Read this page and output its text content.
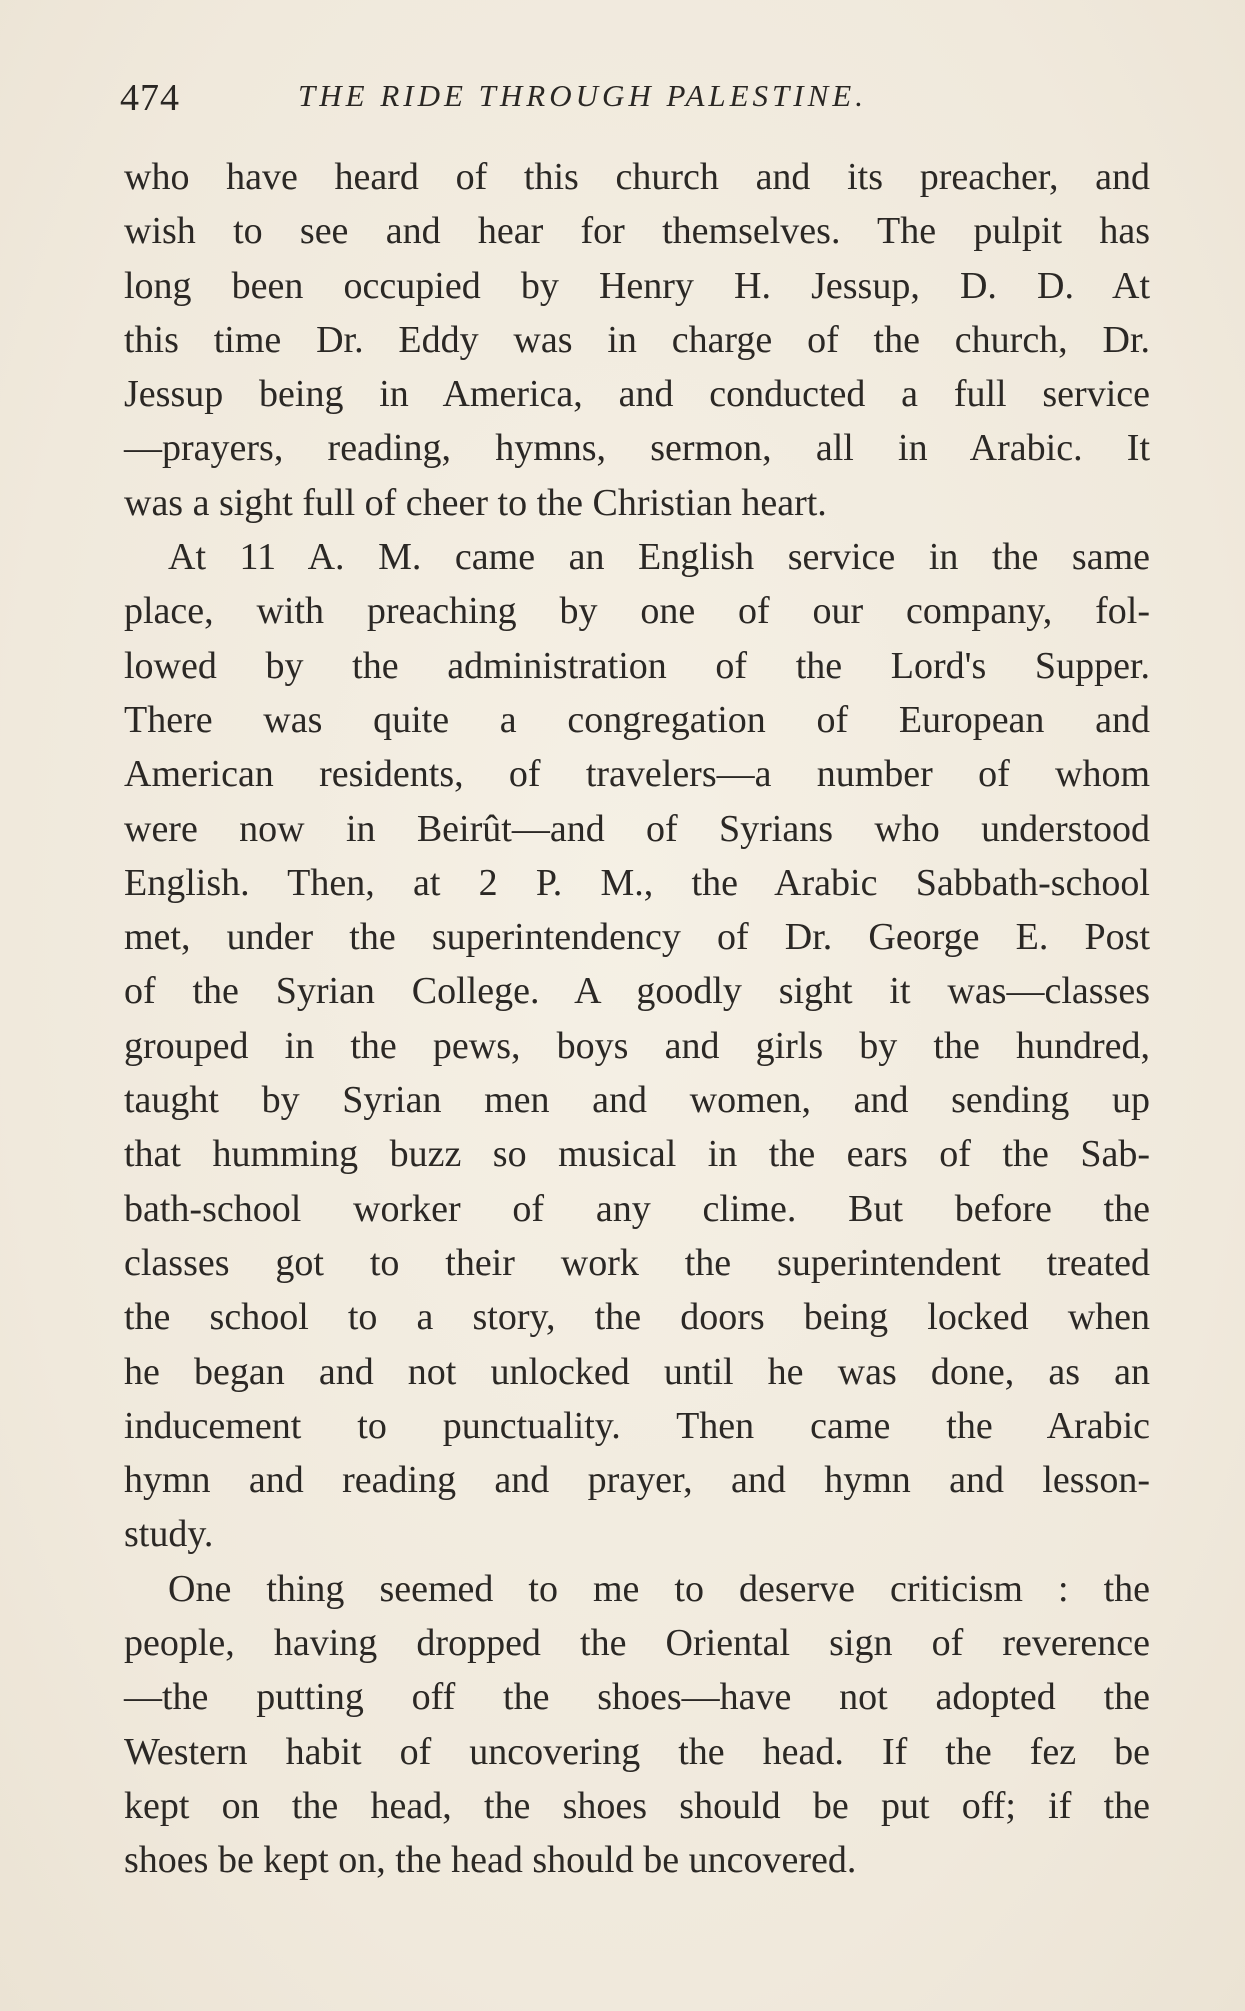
474	THE RIDE THROUGH PALESTINE.
who have heard of this church and its preacher, and
wish to see and hear for themselves. The pulpit has
long been occupied by Henry H. Jessup, D. D. At
this time Dr. Eddy was in charge of the church, Dr.
Jessup being in America, and conducted a full service
—prayers, reading, hymns, sermon, all in Arabic. It
was a sight full of cheer to the Christian heart.
At 11 A. M. came an English service in the same
place, with preaching by one of our company, fol-
lowed by the administration of the Lord's Supper.
There was quite a congregation of European and
American residents, of travelers—a number of whom
were now in Beirût—and of Syrians who understood
English. Then, at 2 P. M., the Arabic Sabbath-school
met, under the superintendency of Dr. George E. Post
of the Syrian College. A goodly sight it was—classes
grouped in the pews, boys and girls by the hundred,
taught by Syrian men and women, and sending up
that humming buzz so musical in the ears of the Sab-
bath-school worker of any clime. But before the
classes got to their work the superintendent treated
the school to a story, the doors being locked when
he began and not unlocked until he was done, as an
inducement to punctuality. Then came the Arabic
hymn and reading and prayer, and hymn and lesson-
study.
One thing seemed to me to deserve criticism : the
people, having dropped the Oriental sign of reverence
—the putting off the shoes—have not adopted the
Western habit of uncovering the head. If the fez be
kept on the head, the shoes should be put off; if the
shoes be kept on, the head should be uncovered.
